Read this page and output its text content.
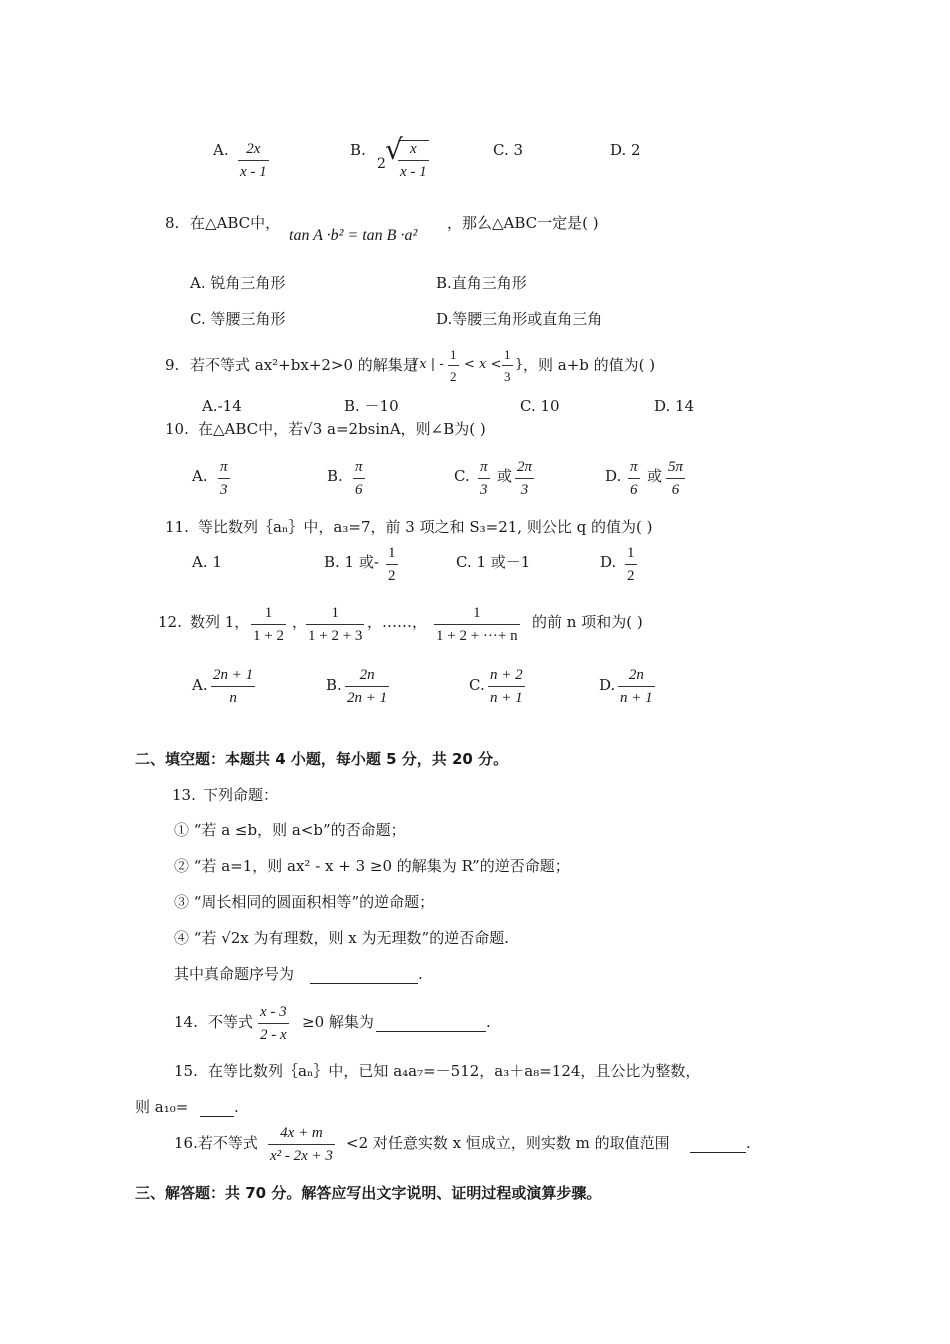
A. $\frac{2x}{x - 1}$	B.
2 √
$\frac{x}{x - 1}$	C. 3	D. 2
8. 在△ABC中，
tan A ·b² = tan B ·a²
，那么△ABC一定是( )
A. 锐角三角形	B.直角三角形
C. 等腰三角形	D.等腰三角形或直角三角
9. 若不等式 ax²+bx+2>0 的解集是
{x | - $\frac{1}{2} < x < \frac{1}{3}$ } ，则 a+b 的值为( )
A.-14	B. －10	C. 10	D. 14
10. 在△ABC中，若√3 a=2bsinA，则∠B为( )
A. $\frac{\pi}{3}$	B. $\frac{\pi}{6}$	C. $\frac{\pi}{3}$ 或 $\frac{2\pi}{3}$	D. $\frac{\pi}{6}$ 或 $\frac{5\pi}{6}$
11. 等比数列｛aₙ｝中，a₃=7，前 3 项之和 S₃=21, 则公比 q 的值为( )
A. 1	B. 1 或- $\frac{1}{2}$	C. 1 或－1	D. $\frac{1}{2}$
12. 数列 1， $\frac{1}{1 + 2}$ ，
$\frac{1}{1 + 2 + 3}$ ，……， $\frac{1}{1 + 2 + \cdot\cdot\cdot+ n}$ 的前 n 项和为( )
A. $\frac{2n + 1}{n}$	B. $\frac{2n}{2n + 1}$	C. $\frac{n + 2}{n + 1}$	D. $\frac{2n}{n + 1}$
二、填空题：本题共 4 小题，每小题 5 分，共 20 分。
13. 下列命题：
① “若 a ≤b，则 a<b”的否命题；
② “若 a=1，则 ax² - x + 3 ≥0 的解集为 R”的逆否命题；
③ “周长相同的圆面积相等”的逆命题；
④ “若 √2x 为有理数，则 x 为无理数”的逆否命题.
其中真命题序号为	.
14. 不等式 $\frac{x - 3}{2 - x} \ge 0$ 解集为	.
15. 在等比数列｛aₙ｝中，已知 a₄a₇=－512，a₃＋a₈=124，且公比为整数，
则 a₁₀=	.
16.若不等式 $\frac{4x + m}{\text{x² - 2x + 3}} <2$ 对任意实数 x 恒成立，则实数 m 的取值范围	.
三、解答题：共 70 分。解答应写出文字说明、证明过程或演算步骤。
